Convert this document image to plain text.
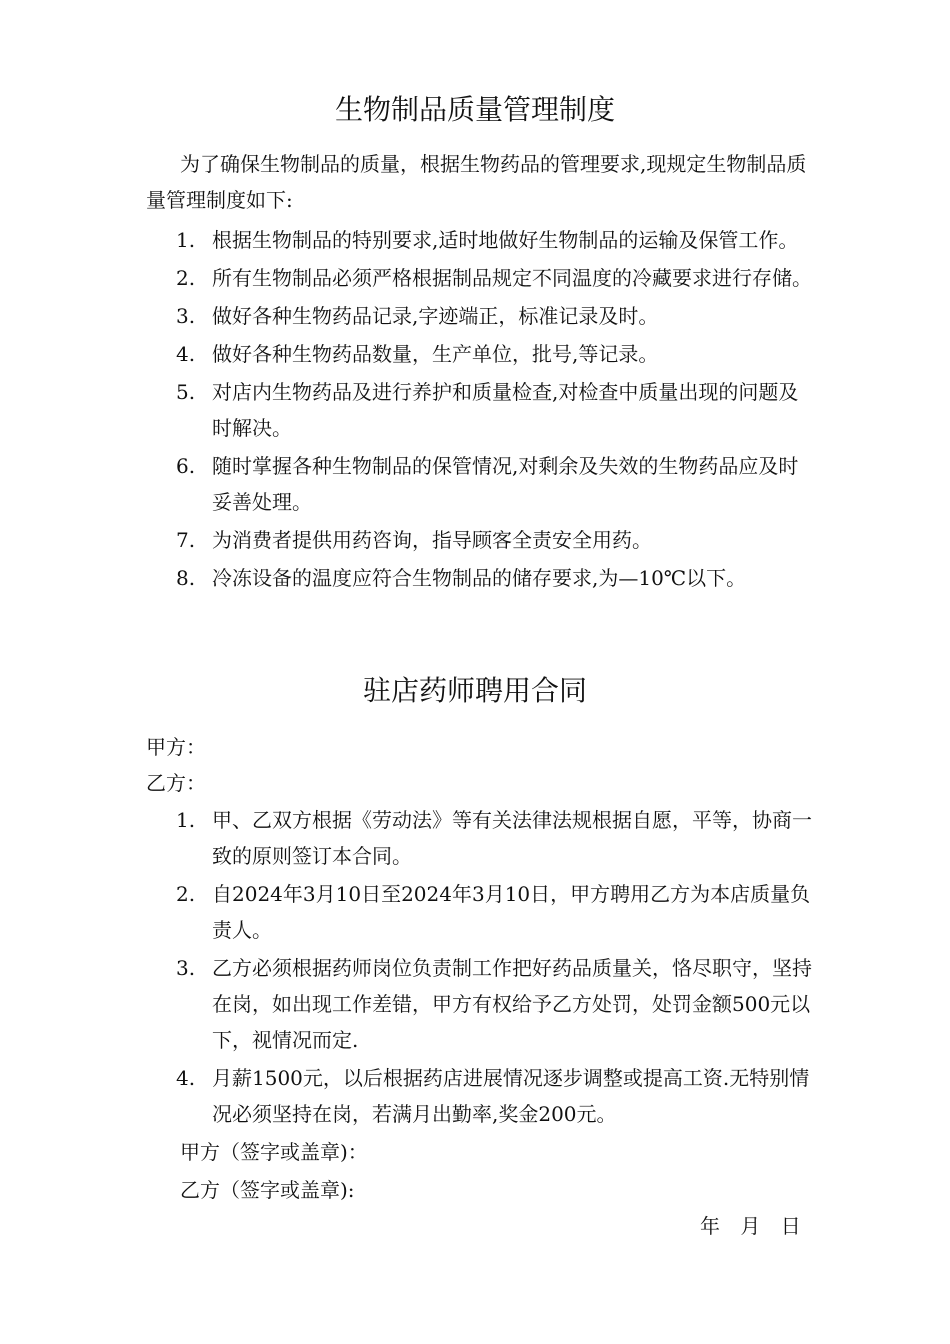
生物制品质量管理制度

为了确保生物制品的质量，根据生物药品的管理要求,现规定生物制品质量管理制度如下:

1. 根据生物制品的特别要求,适时地做好生物制品的运输及保管工作。
2. 所有生物制品必须严格根据制品规定不同温度的冷藏要求进行存储。
3. 做好各种生物药品记录,字迹端正，标准记录及时。
4. 做好各种生物药品数量，生产单位，批号,等记录。
5. 对店内生物药品及进行养护和质量检查,对检查中质量出现的问题及时解决。
6. 随时掌握各种生物制品的保管情况,对剩余及失效的生物药品应及时妥善处理。
7. 为消费者提供用药咨询，指导顾客全责安全用药。
8. 冷冻设备的温度应符合生物制品的储存要求,为—10℃以下。
驻店药师聘用合同

甲方：

乙方：

1. 甲、乙双方根据《劳动法》等有关法律法规根据自愿，平等，协商一致的原则签订本合同。
2. 自2024年3月10日至2024年3月10日，甲方聘用乙方为本店质量负责人。
3. 乙方必须根据药师岗位负责制工作把好药品质量关，恪尽职守，坚持在岗，如出现工作差错，甲方有权给予乙方处罚，处罚金额500元以下，视情况而定.
4. 月薪1500元，以后根据药店进展情况逐步调整或提高工资.无特别情况必须坚持在岗，若满月出勤率,奖金200元。

甲方（签字或盖章)：

乙方（签字或盖章):

年 月 日
